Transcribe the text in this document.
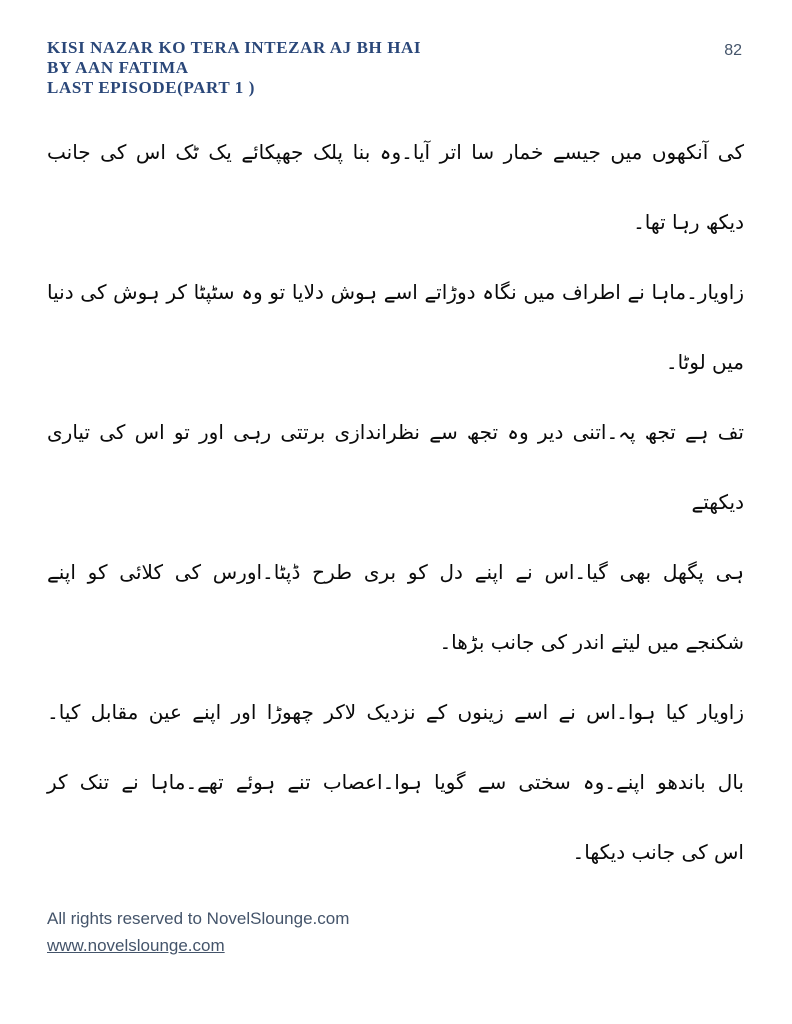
KISI NAZAR KO TERA INTEZAR AJ BH HAI
BY AAN FATIMA
LAST EPISODE(PART 1 )
82
کی آنکھوں میں جیسے خمار سا اتر آیا۔وہ بنا پلک جھپکائے یک ٹک اس کی جانب
دیکھ رہا تھا۔
زاویار۔ماہا نے اطراف میں نگاہ دوڑاتے اسے ہوش دلایا تو وہ سٹپٹا کر ہوش کی دنیا
میں لوٹا۔
تف ہے تجھ پہ۔اتنی دیر وہ تجھ سے نظراندازی برتتی رہی اور تو اس کی تیاری دیکھتے
ہی پگھل بھی گیا۔اس نے اپنے دل کو بری طرح ڈپٹا۔اورس کی کلائی کو اپنے
شکنجے میں لیتے اندر کی جانب بڑھا۔
زاویار کیا ہوا۔اس نے اسے زینوں کے نزدیک لاکر چھوڑا اور اپنے عین مقابل کیا۔
بال باندھو اپنے۔وہ سختی سے گویا ہوا۔اعصاب تنے ہوئے تھے۔ماہا نے تنک کر
اس کی جانب دیکھا۔
All rights reserved to NovelSlounge.com
www.novelslounge.com
